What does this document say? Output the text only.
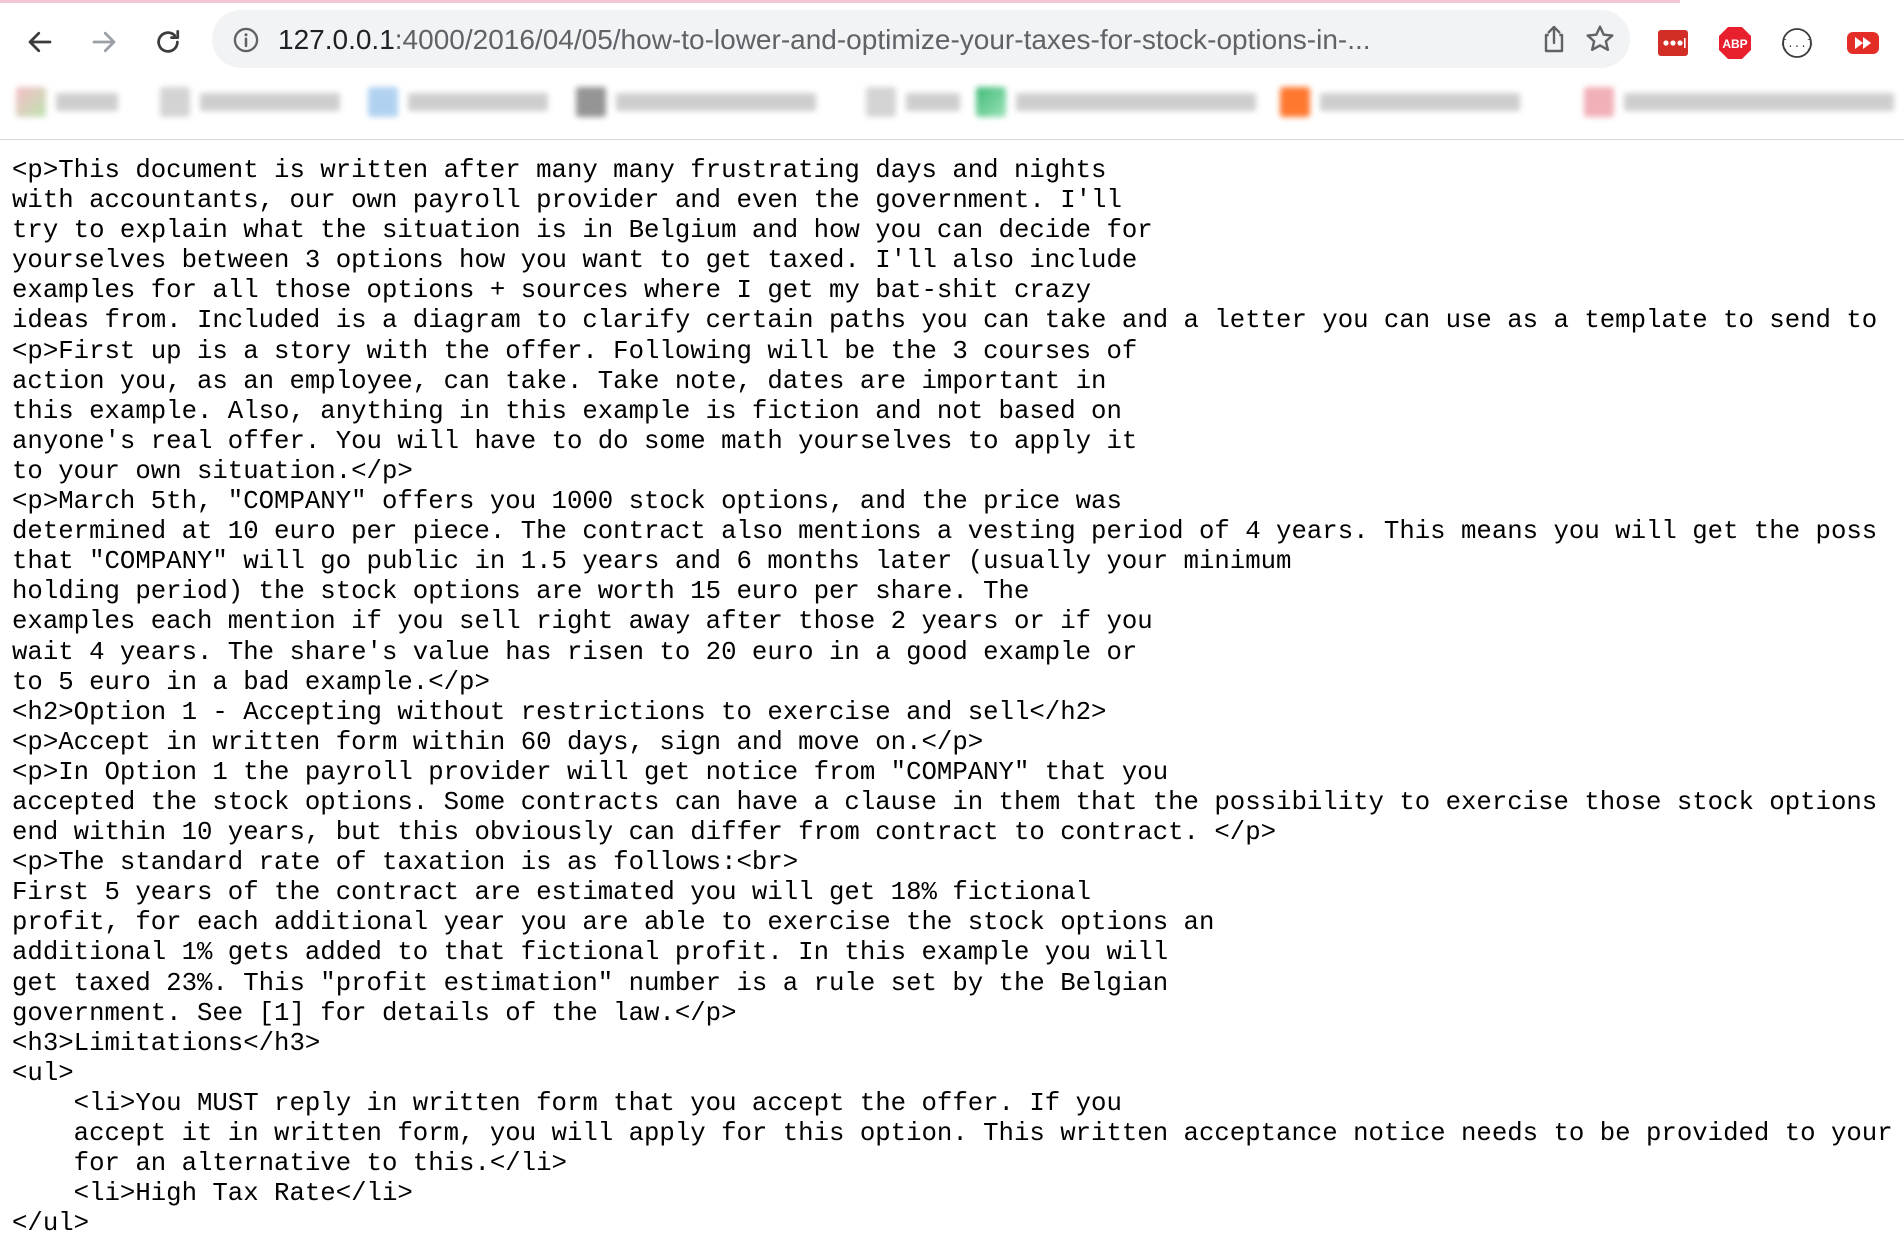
127.0.0.1:4000/2016/04/05/how-to-lower-and-optimize-your-taxes-for-stock-options-in-...	ABP	{...}
<p>This document is written after many many frustrating days and nights
with accountants, our own payroll provider and even the government. I'll
try to explain what the situation is in Belgium and how you can decide for
yourselves between 3 options how you want to get taxed. I'll also include
examples for all those options + sources where I get my bat-shit crazy
ideas from. Included is a diagram to clarify certain paths you can take and a letter you can use as a template to send to
<p>First up is a story with the offer. Following will be the 3 courses of
action you, as an employee, can take. Take note, dates are important in
this example. Also, anything in this example is fiction and not based on
anyone's real offer. You will have to do some math yourselves to apply it
to your own situation.</p>
<p>March 5th, "COMPANY" offers you 1000 stock options, and the price was
determined at 10 euro per piece. The contract also mentions a vesting period of 4 years. This means you will get the poss
that "COMPANY" will go public in 1.5 years and 6 months later (usually your minimum
holding period) the stock options are worth 15 euro per share. The
examples each mention if you sell right away after those 2 years or if you
wait 4 years. The share's value has risen to 20 euro in a good example or
to 5 euro in a bad example.</p>
<h2>Option 1 - Accepting without restrictions to exercise and sell</h2>
<p>Accept in written form within 60 days, sign and move on.</p>
<p>In Option 1 the payroll provider will get notice from "COMPANY" that you
accepted the stock options. Some contracts can have a clause in them that the possibility to exercise those stock options
end within 10 years, but this obviously can differ from contract to contract. </p>
<p>The standard rate of taxation is as follows:<br>
First 5 years of the contract are estimated you will get 18% fictional
profit, for each additional year you are able to exercise the stock options an
additional 1% gets added to that fictional profit. In this example you will
get taxed 23%. This "profit estimation" number is a rule set by the Belgian
government. See [1] for details of the law.</p>
<h3>Limitations</h3>
<ul>
<li>You MUST reply in written form that you accept the offer. If you
accept it in written form, you will apply for this option. This written acceptance notice needs to be provided to your
for an alternative to this.</li>
<li>High Tax Rate</li>
</ul>
